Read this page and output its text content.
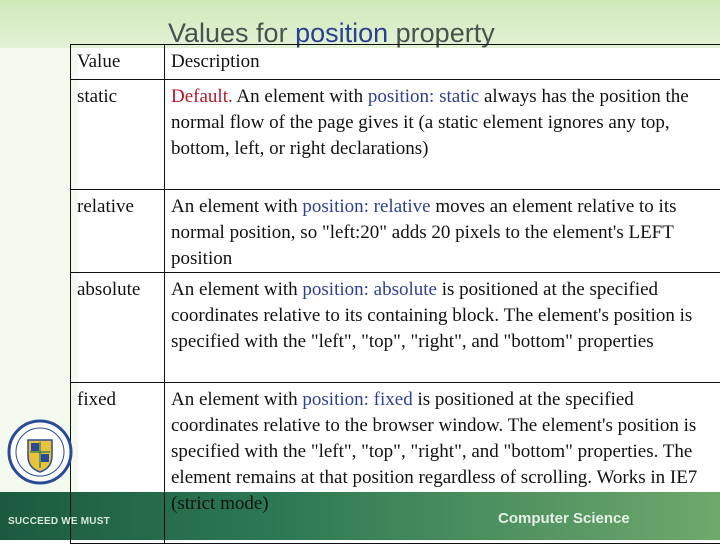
Values for position property
Value	Description
static	Default. An element with position: static always has the position the normal flow of the page gives it (a static element ignores any top, bottom, left, or right declarations)
relative	An element with position: relative moves an element relative to its normal position, so "left:20" adds 20 pixels to the element's LEFT position
absolute	An element with position: absolute is positioned at the specified coordinates relative to its containing block. The element's position is specified with the "left", "top", "right", and "bottom" properties
fixed	An element with position: fixed is positioned at the specified coordinates relative to the browser window. The element's position is specified with the "left", "top", "right", and "bottom" properties. The element remains at that position regardless of scrolling. Works in IE7 (strict mode)
SUCCEED WE MUST	Computer Science
